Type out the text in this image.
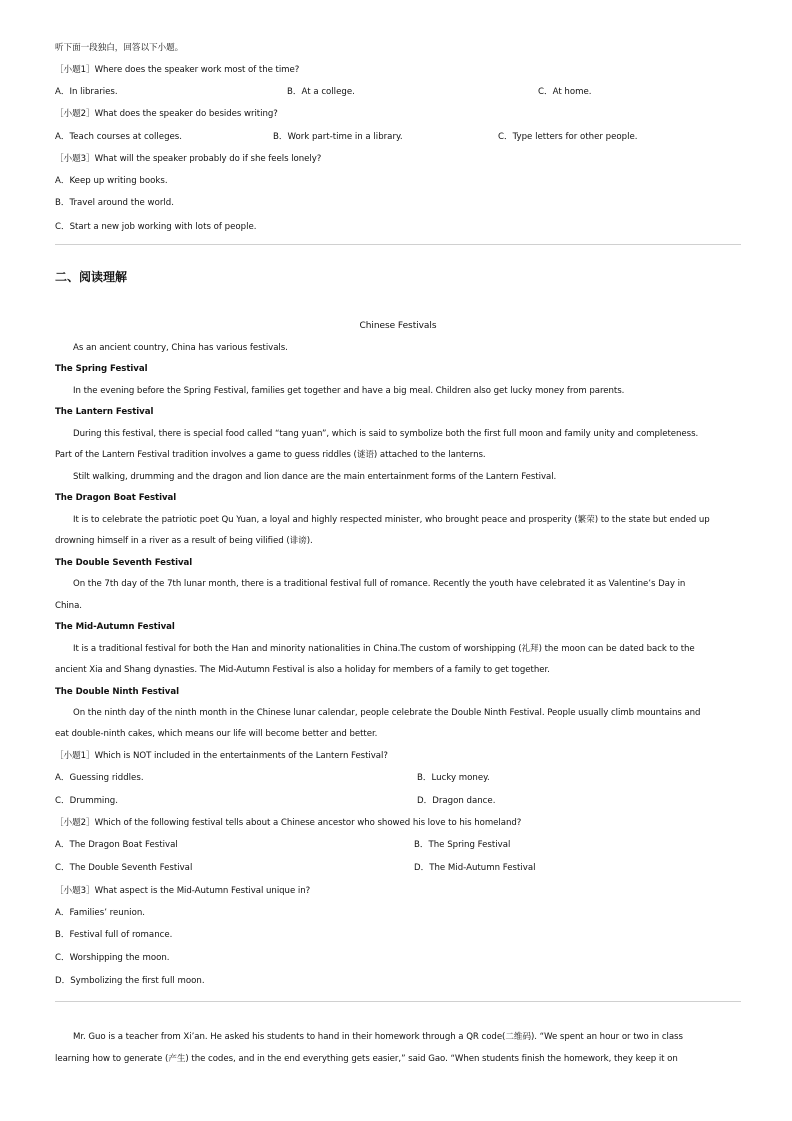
听下面一段独白，回答以下小题。
［小题1］Where does the speaker work most of the time?
A．In libraries.	B．At a college.	C．At home.
［小题2］What does the speaker do besides writing?
A．Teach courses at colleges.	B．Work part-time in a library.	C．Type letters for other people.
［小题3］What will the speaker probably do if she feels lonely?
A．Keep up writing books.
B．Travel around the world.
C．Start a new job working with lots of people.
二、阅读理解
Chinese Festivals
As an ancient country, China has various festivals.
The Spring Festival
In the evening before the Spring Festival, families get together and have a big meal. Children also get lucky money from parents.
The Lantern Festival
During this festival, there is special food called “tang yuan”, which is said to symbolize both the first full moon and family unity and completeness.
Part of the Lantern Festival tradition involves a game to guess riddles (谜语) attached to the lanterns.
Stilt walking, drumming and the dragon and lion dance are the main entertainment forms of the Lantern Festival.
The Dragon Boat Festival
It is to celebrate the patriotic poet Qu Yuan, a loyal and highly respected minister, who brought peace and prosperity (繁荣) to the state but ended up
drowning himself in a river as a result of being vilified (诽谤).
The Double Seventh Festival
On the 7th day of the 7th lunar month, there is a traditional festival full of romance. Recently the youth have celebrated it as Valentine’s Day in
China.
The Mid-Autumn Festival
It is a traditional festival for both the Han and minority nationalities in China.The custom of worshipping (礼拜) the moon can be dated back to the
ancient Xia and Shang dynasties. The Mid-Autumn Festival is also a holiday for members of a family to get together.
The Double Ninth Festival
On the ninth day of the ninth month in the Chinese lunar calendar, people celebrate the Double Ninth Festival. People usually climb mountains and
eat double-ninth cakes, which means our life will become better and better.
［小题1］Which is NOT included in the entertainments of the Lantern Festival?
A．Guessing riddles.	B．Lucky money.
C．Drumming.	D．Dragon dance.
［小题2］Which of the following festival tells about a Chinese ancestor who showed his love to his homeland?
A．The Dragon Boat Festival	B．The Spring Festival
C．The Double Seventh Festival	D．The Mid-Autumn Festival
［小题3］What aspect is the Mid-Autumn Festival unique in?
A．Families’ reunion.
B．Festival full of romance.
C．Worshipping the moon.
D．Symbolizing the first full moon.
Mr. Guo is a teacher from Xi’an. He asked his students to hand in their homework through a QR code(二维码). “We spent an hour or two in class
learning how to generate (产生) the codes, and in the end everything gets easier,” said Gao. “When students finish the homework, they keep it on
